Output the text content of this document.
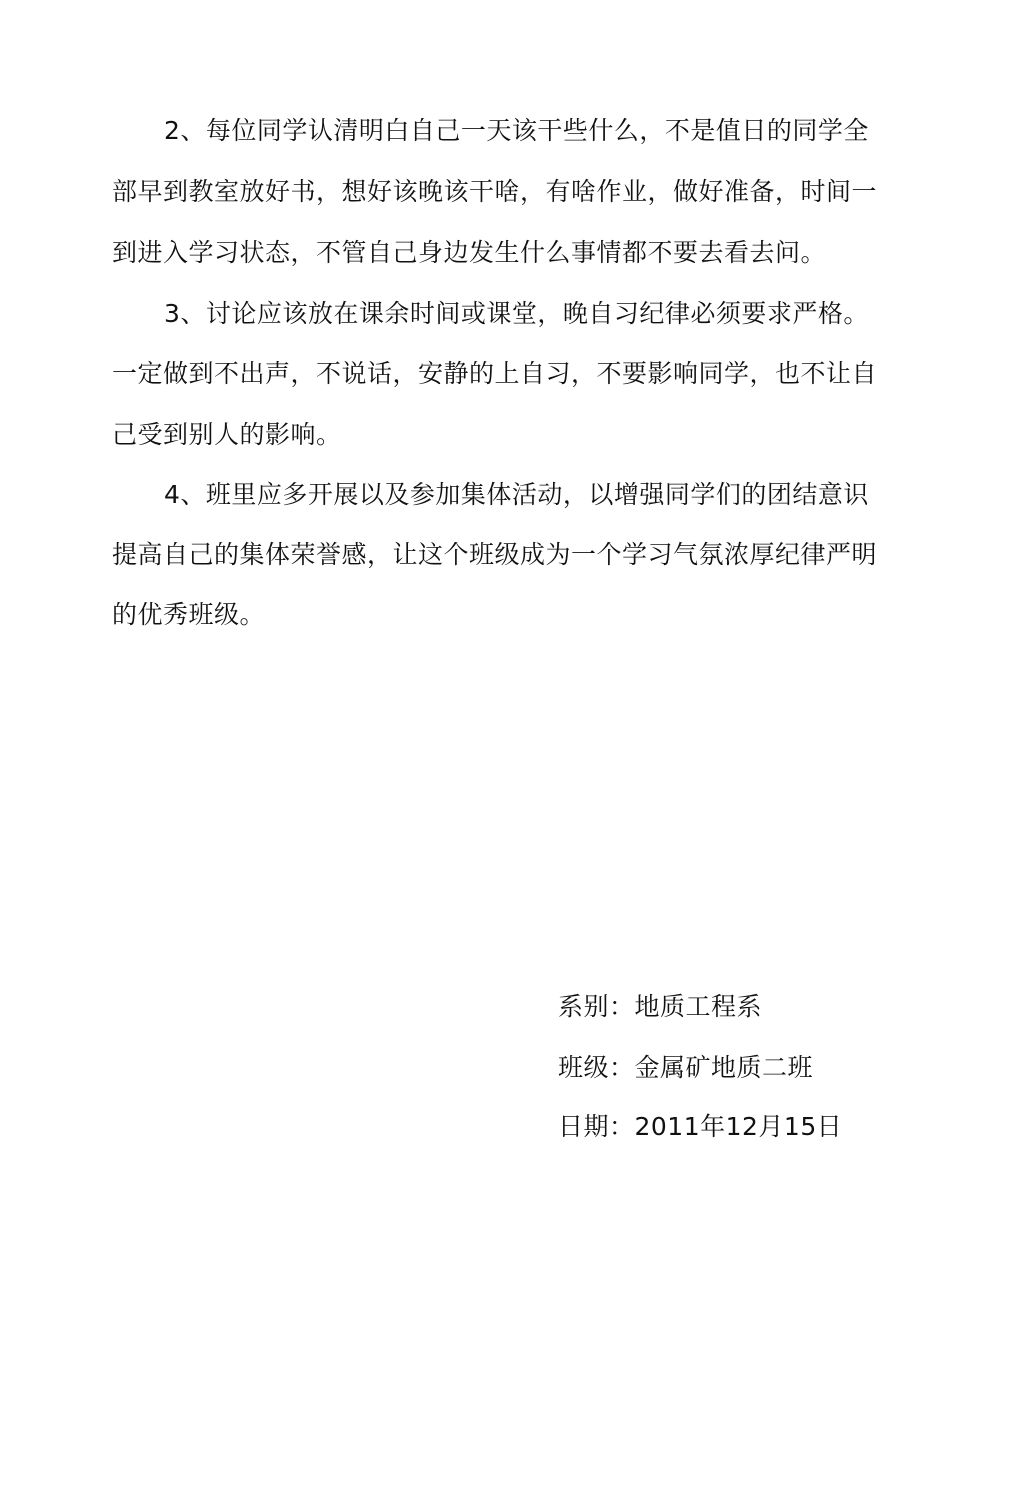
2、每位同学认清明白自己一天该干些什么，不是值日的同学全
部早到教室放好书，想好该晚该干啥，有啥作业，做好准备，时间一
到进入学习状态，不管自己身边发生什么事情都不要去看去问。
3、讨论应该放在课余时间或课堂，晚自习纪律必须要求严格。
一定做到不出声，不说话，安静的上自习，不要影响同学，也不让自
己受到别人的影响。
4、班里应多开展以及参加集体活动，以增强同学们的团结意识
提高自己的集体荣誉感，让这个班级成为一个学习气氛浓厚纪律严明
的优秀班级。
系别：地质工程系
班级：金属矿地质二班
日期：2011年12月15日
